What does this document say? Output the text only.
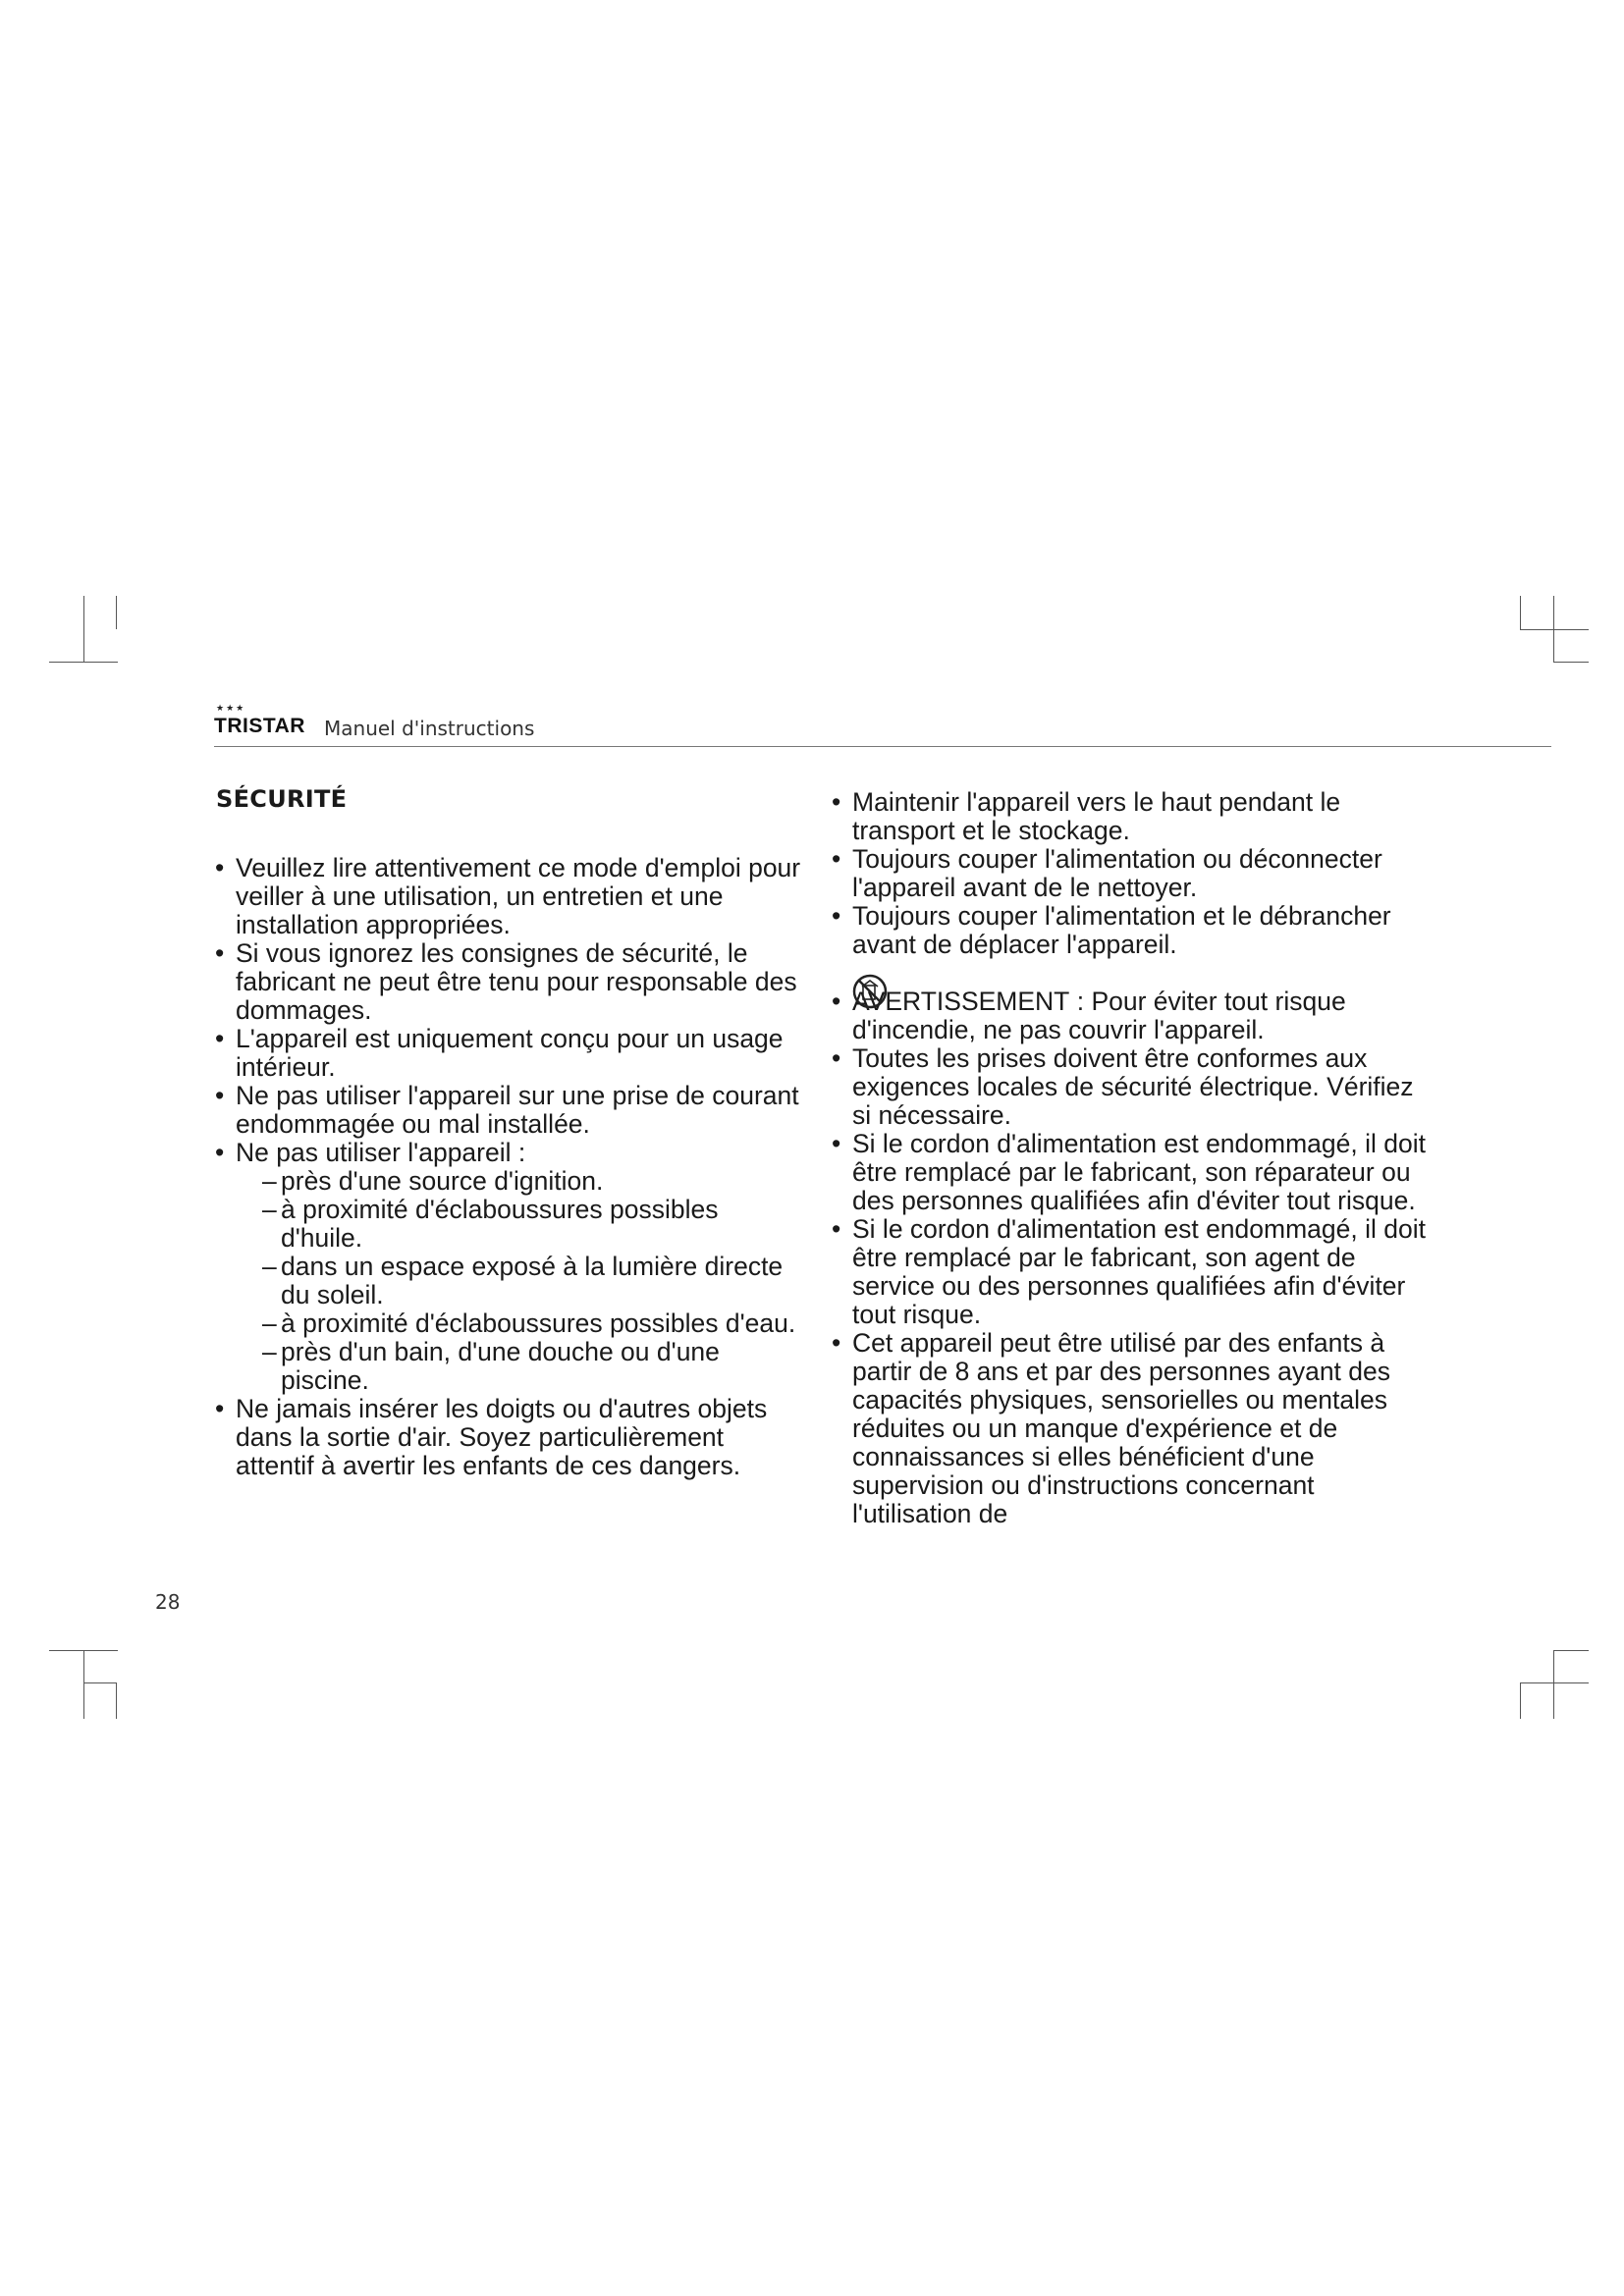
★★★
TRISTAR Manuel d'instructions
SÉCURITÉ
• Veuillez lire attentivement ce mode d'emploi pour veiller à une utilisation, un entretien et une installation appropriées.
• Si vous ignorez les consignes de sécurité, le fabricant ne peut être tenu pour responsable des dommages.
• L'appareil est uniquement conçu pour un usage intérieur.
• Ne pas utiliser l'appareil sur une prise de courant endommagée ou mal installée.
• Ne pas utiliser l'appareil :
– près d'une source d'ignition.
– à proximité d'éclaboussures possibles d'huile.
– dans un espace exposé à la lumière directe du soleil.
– à proximité d'éclaboussures possibles d'eau.
– près d'un bain, d'une douche ou d'une piscine.
• Ne jamais insérer les doigts ou d'autres objets dans la sortie d'air. Soyez particulièrement attentif à avertir les enfants de ces dangers.
• Maintenir l'appareil vers le haut pendant le transport et le stockage.
• Toujours couper l'alimentation ou déconnecter l'appareil avant de le nettoyer.
• Toujours couper l'alimentation et le débrancher avant de déplacer l'appareil.
•
AVERTISSEMENT : Pour éviter tout risque d'incendie, ne pas couvrir l'appareil.
• Toutes les prises doivent être conformes aux exigences locales de sécurité électrique. Vérifiez si nécessaire.
• Si le cordon d'alimentation est endommagé, il doit être remplacé par le fabricant, son réparateur ou des personnes qualifiées afin d'éviter tout risque.
• Si le cordon d'alimentation est endommagé, il doit être remplacé par le fabricant, son agent de service ou des personnes qualifiées afin d'éviter tout risque.
• Cet appareil peut être utilisé par des enfants à partir de 8 ans et par des personnes ayant des capacités physiques, sensorielles ou mentales réduites ou un manque d'expérience et de connaissances si elles bénéficient d'une supervision ou d'instructions concernant l'utilisation de
28
